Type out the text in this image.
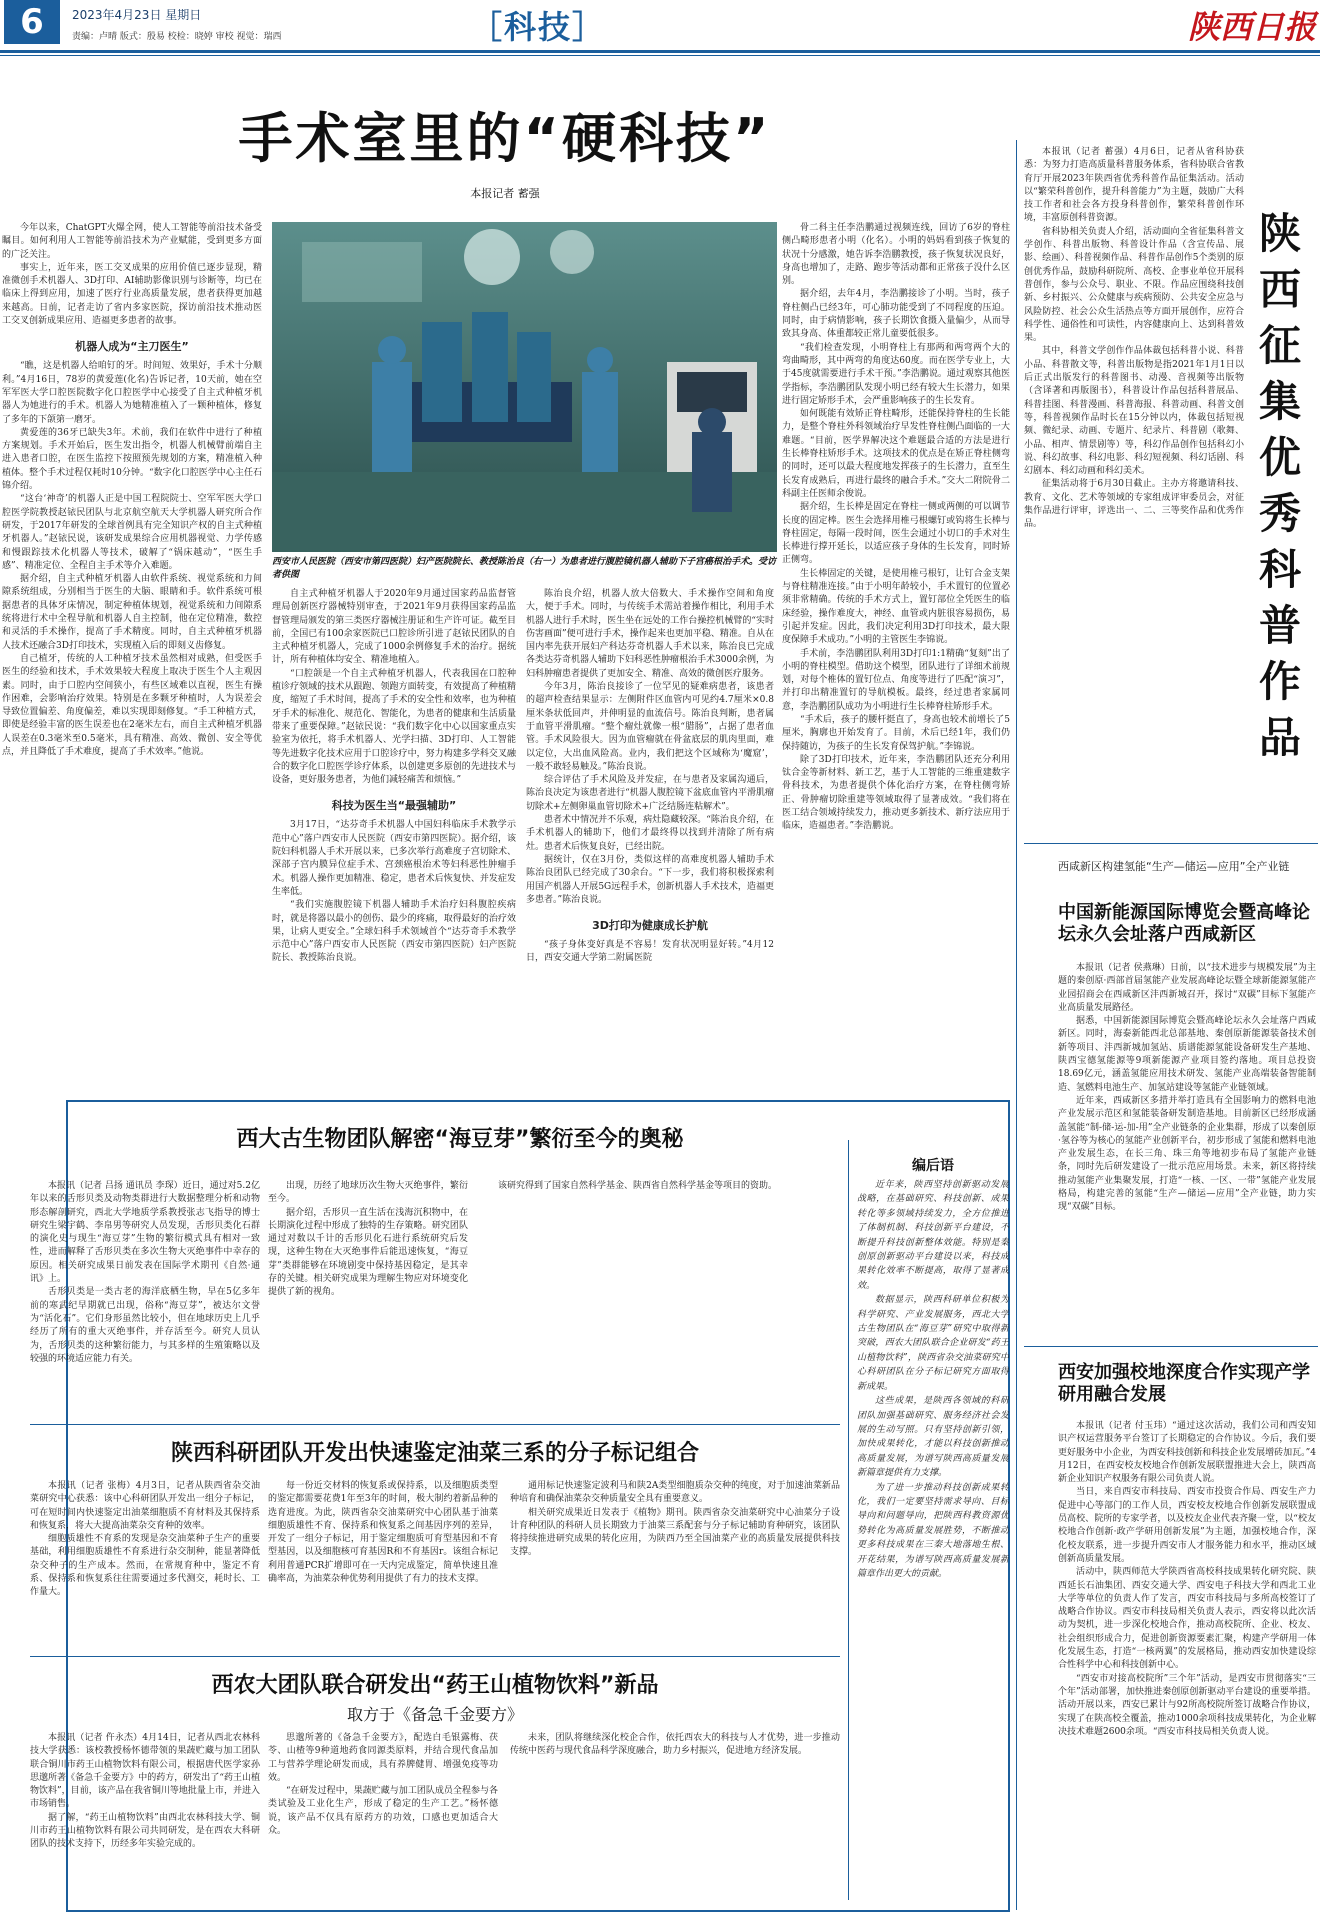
6	2023年4月23日 星期日
责编：卢晴 版式：殷易 校检：晓婷 审校 视觉：瑞西	［科技］	陕西日报
手术室里的“硬科技”
本报记者 蓄强

今年以来，ChatGPT火爆全网，使人工智能等前沿技术备受瞩目。如何利用人工智能等前沿技术为产业赋能，受到更多方面的广泛关注。

事实上，近年来，医工交叉成果的应用价值已逐步显现，精准微创手术机器人、3D打印、AI辅助影像识别与诊断等，均已在临床上得到应用，加速了医疗行业高质量发展，患者获得更加越来越高。日前，记者走访了省内多家医院，探访前沿技术推动医工交叉创新成果应用、造福更多患者的故事。

机器人成为“主刀医生”

“瞧，这是机器人给咱钉的牙。时间短、效果好，手术十分顺利。”4月16日，78岁的黄爱莲(化名)告诉记者，10天前，她在空军军医大学口腔医院数字化口腔医学中心接受了自主式种植牙机器人为她进行的手术。机器人为她精准植入了一颗种植体，修复了多年的下颌第一磨牙。

黄爱莲的36牙已缺失3年。术前，我们在软件中进行了种植方案规划。手术开始后，医生发出指令，机器人机械臂前端自主进入患者口腔，在医生监控下按照预先规划的方案，精准植入种植体。整个手术过程仅耗时10分钟。“数字化口腔医学中心主任石锦介绍。

“这台‘神奇’的机器人正是中国工程院院士、空军军医大学口腔医学院教授赵铱民团队与北京航空航天大学机器人研究所合作研发，于2017年研发的全球首例具有完全知识产权的自主式种植牙机器人。”赵铱民说，该研发成果综合应用机器视觉、力学传感和慢跟踪技术化机器人等技术，破解了“锅床越动”，“医生手感”、精准定位、全程自主手术等介入难题。

据介绍，自主式种植牙机器人由软件系统、视觉系统和力间隙系统组成，分别相当于医生的大脑、眼睛和手。软件系统可根据患者的具体牙床情况，制定种植体规划，视觉系统和力间隙系统将进行术中全程导航和机器人自主控制，他在定位精准，数控和灵活的手术操作，提高了手术精度。同时，自主式种植牙机器人技术还融合3D打印技术，实现植入后的即刻义齿修复。

自己植牙，传统的人工种植牙技术虽然相对成熟，但受医手医生的经验和技术，手术效果较大程度上取决于医生个人主观因素。同时，由于口腔内空间狭小，有些区域难以直视，医生有操作困难，会影响治疗效果。特别是在多颗牙种植时，人为误差会导致位置偏差、角度偏差，难以实现即刻修复。“手工种植方式，即使是经验丰富的医生误差也在2毫米左右，而自主式种植牙机器人误差在0.3毫米至0.5毫米，具有精准、高效、微创、安全等优点，并且降低了手术难度，提高了手术效率。”他说。

西安市人民医院（西安市第四医院）妇产医院院长、教授陈治良（右一）为患者进行腹腔镜机器人辅助下子宫癌根治手术。受访者供图

自主式种植牙机器人于2020年9月通过国家药品监督管理局创新医疗器械特别审查，于2021年9月获得国家药品监督管理局颁发的第三类医疗器械注册证和生产许可证。截至目前，全国已有100余家医院已口腔诊所引进了赵铱民团队的自主式种植牙机器人，完成了1000余例修复手术的治疗。据统计，所有种植体均安全、精准地植入。

“口腔颌是一个自主式种植牙机器人，代表我国在口腔种植诊疗领域的技术从跟跑、领跑方面转变，有效提高了种植精度，缩短了手术时间，提高了手术的安全性和效率，也为种植牙手术的标准化、规范化、智能化，为患者的健康和生活质量带来了重要保障。”赵铱民说：“我们数字化中心以国家重点实验室为依托，将手术机器人、光学扫描、3D打印、人工智能等先进数字化技术应用于口腔诊疗中，努力构建多学科交叉融合的数字化口腔医学诊疗体系，以创建更多原创的先进技术与设备，更好服务患者，为他们减轻痛苦和烦恼。”

科技为医生当“最强辅助”

3月17日，“达芬奇手术机器人中国妇科临床手术教学示范中心”落户西安市人民医院（西安市第四医院）。据介绍，该院妇科机器人手术开展以来，已多次举行高难度子宫切除术、深部子宫内膜异位症手术、宫颈癌根治术等妇科恶性肿瘤手术。机器人操作更加精准、稳定，患者术后恢复快、并发症发生率低。

“我们实施腹腔镜下机器人辅助手术治疗妇科腹腔疾病时，就是将器以最小的创伤、最少的疼痛，取得最好的治疗效果，让病人更安全。”全球妇科手术领域首个“达芬奇手术教学示范中心”落户西安市人民医院（西安市第四医院）妇产医院院长、教授陈治良说。

陈治良介绍，机器人放大倍数大、手术操作空间和角度大，便于手术。同时，与传统手术需站着操作相比，利用手术机器人进行手术时，医生坐在远处的工作台操控机械臂的“实时伤害画面”便可进行手术，操作起来也更加平稳、精准。自从在国内率先获开展妇产科达芬奇机器人手术以来，陈治良已完成各类达芬奇机器人辅助下妇科恶性肿瘤根治手术3000余例，为妇科肿瘤患者提供了更加安全、精准、高效的微创医疗服务。

今年3月，陈治良接诊了一位罕见的疑难病患者，该患者的超声检查结果显示：左侧附件区血管内可见约4.7厘米×0.8厘米条状低回声，并伸明显的血流信号。陈治良判断，患者属于血管平滑肌瘤。“整个瘤灶就像一根“腊肠”，占据了患者血管。手术风险很大。因为血管瘤就在骨盆底层的肌肉里面，难以定位，大出血风险高。业内，我们把这个区域称为‘魔窟’，一般不敢轻易触及。”陈治良说。

综合评估了手术风险及并发症，在与患者及家属沟通后，陈治良决定为该患者进行“机器人腹腔镜下盆底血管内平滑肌瘤切除术+左侧卵巢血管切除术+广泛结肠连粘解术”。

患者术中情况并不乐观，病灶隐藏较深。“陈治良介绍，在手术机器人的辅助下，他们才最终得以找到并清除了所有病灶。患者术后恢复良好，已经出院。

据统计，仅在3月份，类似这样的高难度机器人辅助手术陈治良团队已经完成了30余台。“下一步，我们将积极探索利用国产机器人开展5G远程手术，创新机器人手术技术，造福更多患者。”陈治良说。

3D打印为健康成长护航

“孩子身体变好真是不容易！发育状况明显好转。”4月12日，西安交通大学第二附属医院

骨二科主任李浩鹏通过视频连线，回访了6岁的脊柱侧凸畸形患者小明（化名）。小明的妈妈看到孩子恢复的状况十分感激，她告诉李浩鹏教授，孩子恢复状况良好，身高也增加了，走路、跑步等活动都和正常孩子没什么区别。

据介绍，去年4月，李浩鹏接诊了小明。当时，孩子脊柱侧凸已经3年，可心肺功能受到了不同程度的压迫。同时，由于病情影响，孩子长期饮食摄入量偏少，从而导致其身高、体重都较正常儿童要低很多。

“我们检查发现，小明脊柱上有那两和两弯两个大的弯曲畸形，其中两弯的角度达60度。而在医学专业上，大于45度就需要进行手术干预。”李浩鹏说。通过观察其他医学指标，李浩鹏团队发现小明已经有较大生长潜力，如果进行固定矫形手术，会严重影响孩子的生长发育。

如何既能有效矫正脊柱畸形，还能保持脊柱的生长能力，是整个脊柱外科领域治疗早发性脊柱侧凸面临的一大难题。“目前，医学界解决这个难题最合适的方法是进行生长棒脊柱矫形手术。这项技术的优点是在矫正脊柱侧弯的同时，还可以最大程度地发挥孩子的生长潜力，直至生长发育成熟后，再进行最终的融合手术。”交大二附院骨二科副主任医师余俊说。

据介绍，生长棒是固定在脊柱一侧或两侧的可以调节长度的固定棒。医生会选择用椎弓根螺钉或钩将生长棒与脊柱固定，每隔一段时间，医生会通过小切口的手术对生长棒进行撑开延长，以适应孩子身体的生长发育，同时矫正侧弯。

生长棒固定的关键，是使用椎弓根钉，让钉合金支架与脊柱精准连接。”由于小明年龄较小，手术置钉的位置必须非常精确。传统的手术方式上，置钉部位全凭医生的临床经验，操作难度大，神经、血管或内脏很容易损伤，易引起并发症。因此，我们决定利用3D打印技术，最大限度保障手术成功。”小明的主管医生李锦说。

手术前，李浩鹏团队利用3D打印1:1精确“复刻”出了小明的脊柱模型。借助这个模型，团队进行了详细术前规划，对每个椎体的置钉位点、角度等进行了匹配“演习”，并打印出精准置钉的导航模板。最终，经过患者家属同意，李浩鹏团队成功为小明进行生长棒脊柱矫形手术。

“手术后，孩子的腰杆挺直了，身高也较术前增长了5厘米，胸廓也开始发育了。目前，术后已经1年，我们仍保持随访，为孩子的生长发育保驾护航。”李锦说。

除了3D打印技术，近年来，李浩鹏团队还充分利用钛合金等新材料、新工艺，基于人工智能的三维重建数字骨科技术，为患者提供个体化治疗方案，在脊柱侧弯矫正、骨肿瘤切除重建等领域取得了显著成效。“我们将在医工结合领域持续发力，推动更多新技术、新疗法应用于临床，造福患者。”李浩鹏说。

陕西征集优秀科普作品

本报讯（记者 蓄强）4月6日，记者从省科协获悉：为努力打造高质量科普服务体系，省科协联合省教育厅开展2023年陕西省优秀科普作品征集活动。活动以“繁荣科普创作，提升科普能力”为主题，鼓励广大科技工作者和社会各方投身科普创作，繁荣科普创作环境，丰富原创科普资源。

省科协相关负责人介绍，活动面向全省征集科普文学创作、科普出版物、科普设计作品（含宣传品、展影、绘画）、科普视频作品、科普作品创作5个类别的原创优秀作品，鼓励科研院所、高校、企事业单位开展科普创作，参与公众号、职业、不限。作品应围绕科技创新、乡村振兴、公众健康与疾病预防、公共安全应急与风险防控、社会公众生活热点等方面开展创作，应符合科学性、通俗性和可读性，内容健康向上、达到科普效果。

其中，科普文学创作作品体裁包括科普小说、科普小品、科普散文等，科普出版物是指2021年1月1日以后正式出版发行的科普图书、动漫、音视频等出版物（含译著和再版图书），科普设计作品包括科普展品、科普挂图、科普漫画、科普海报、科普动画、科普文创等，科普视频作品时长在15分钟以内，体裁包括短视频、微纪录、动画、专题片、纪录片、科普剧（歌舞、小品、相声、情景剧等）等，科幻作品创作包括科幻小说、科幻故事、科幻电影、科幻短视频、科幻话剧、科幻剧本、科幻动画和科幻美术。

征集活动将于6月30日截止。主办方将邀请科技、教育、文化、艺术等领域的专家组成评审委员会，对征集作品进行评审，评选出一、二、三等奖作品和优秀作品。

西咸新区构建氢能“生产—储运—应用”全产业链
中国新能源国际博览会暨高峰论坛永久会址落户西咸新区

本报讯（记者 侯燕琳）日前，以“技术进步与规模发展”为主题的秦创原·西部首届氢能产业发展高峰论坛暨全球新能源氢能产业园招商会在西咸新区沣西新城召开，探讨“双碳”目标下氢能产业高质量发展路径。

据悉，中国新能源国际博览会暨高峰论坛永久会址落户西咸新区。同时，海泰新能西北总部基地、秦创原新能源装备技术创新等项目、沣西新城加氢站、质谱能源氢能设备研发生产基地、陕西宝德氢能源等9项新能源产业项目签约落地。项目总投资18.69亿元，涵盖氢能应用技术研发、氢能产业高端装备智能制造、氢燃料电池生产、加氢站建设等氢能产业链领域。

近年来，西咸新区多措并举打造具有全国影响力的燃料电池产业发展示范区和氢能装备研发制造基地。目前新区已经形成涵盖氢能“制-储-运-加-用”全产业链条的企业集群，形成了以秦创原·氢谷等为核心的氢能产业创新平台，初步形成了氢能和燃料电池产业发展生态，在长三角、珠三角等地初步布局了氢能产业链条，同时先后研发建设了一批示范应用场景。未来，新区将持续推动氢能产业集聚发展，打造“一核、一区、一带”氢能产业发展格局，构建完善的氢能“生产—储运—应用”全产业链，助力实现“双碳”目标。

西安加强校地深度合作实现产学研用融合发展

本报讯（记者 付玉玮）“通过这次活动，我们公司和西安知识产权运营服务平台签订了长期稳定的合作协议。今后，我们要更好服务中小企业，为西安科技创新和科技企业发展增砖加瓦。”4月12日，在西安校友校地合作创新发展联盟推进大会上，陕西高新企业知识产权服务有限公司负责人说。

当日，来自西安市科技局、西安市投资合作局、西安生产力促进中心等部门的工作人员，西安校友校地合作创新发展联盟成员高校、院所的专家学者，以及校友企业代表齐聚一堂，以“校友校地合作创新·政产学研用创新发展”为主题，加强校地合作，深化校友联系，进一步提升西安市人才服务能力和水平，推动区域创新高质量发展。

活动中，陕西师范大学陕西省高校科技成果转化研究院、陕西延长石油集团、西安交通大学、西安电子科技大学和西北工业大学等单位的负责人作了发言，西安市科技局与多所高校签订了战略合作协议。西安市科技局相关负责人表示，西安将以此次活动为契机，进一步深化校地合作，推动高校院所、企业、校友、社会组织形成合力，促进创新资源要素汇聚，构建产学研用一体化发展生态，打造“一核两翼”的发展格局，推动西安加快建设综合性科学中心和科技创新中心。

“西安市对接高校院所”三个年”活动，是西安市贯彻落实“三个年”活动部署，加快推进秦创原创新驱动平台建设的重要举措。活动开展以来，西安已累计与92所高校院所签订战略合作协议，实现了在陕高校全覆盖，推动1000余项科技成果转化，为企业解决技术难题2600余项。“西安市科技局相关负责人说。

西大古生物团队解密“海豆芽”繁衍至今的奥秘

本报讯（记者 吕扬 通讯员 李琛）近日，通过对5.2亿年以来的舌形贝类及动物类群进行大数据整理分析和动物形态解剖研究，西北大学地质学系教授张志飞指导的博士研究生梁宇鹤、李帛男等研究人员发现，舌形贝类化石群的演化史与现生“海豆芽”生物的繁衍模式具有相对一致性，进而解释了舌形贝类在多次生物大灭绝事件中幸存的原因。相关研究成果日前发表在国际学术期刊《自然·通讯》上。

舌形贝类是一类古老的海洋底栖生物，早在5亿多年前的寒武纪早期就已出现，俗称“海豆芽”，被达尔文誉为“活化石”。它们身形虽然比较小，但在地球历史上几乎经历了所有的重大灭绝事件，并存活至今。研究人员认为，舌形贝类的这种繁衍能力，与其多样的生殖策略以及较强的环境适应能力有关。

出现，历经了地球历次生物大灭绝事件，繁衍至今。

据介绍，舌形贝一直生活在浅海沉积物中，在长期演化过程中形成了独特的生存策略。研究团队通过对数以千计的舌形贝化石进行系统研究后发现，这种生物在大灭绝事件后能迅速恢复，“海豆芽”类群能够在环境剧变中保持基因稳定，是其幸存的关键。相关研究成果为理解生物应对环境变化提供了新的视角。

该研究得到了国家自然科学基金、陕西省自然科学基金等项目的资助。

陕西科研团队开发出快速鉴定油菜三系的分子标记组合

本报讯（记者 张梅）4月3日，记者从陕西省杂交油菜研究中心获悉：该中心科研团队开发出一组分子标记，可在短时间内快速鉴定出油菜细胞质不育材料及其保持系和恢复系，将大大提高油菜杂交育种的效率。

细胞质雄性不育系的发现是杂交油菜种子生产的重要基础，利用细胞质雄性不育系进行杂交制种，能显著降低杂交种子的生产成本。然而，在常规育种中，鉴定不育系、保持系和恢复系往往需要通过多代测交，耗时长、工作量大。

每一份近交材料的恢复系或保持系，以及细胞质类型的鉴定都需要花费1年至3年的时间，极大制约着新品种的选育进度。为此，陕西省杂交油菜研究中心团队基于油菜细胞质雄性不育、保持系和恢复系之间基因序列的差异，开发了一组分子标记，用于鉴定细胞质可育型基因和不育型基因，以及细胞核可育基因R和不育基因r。该组合标记利用普通PCR扩增即可在一天内完成鉴定，简单快速且准确率高，为油菜杂种优势利用提供了有力的技术支撑。

通用标记快速鉴定波利马和陕2A类型细胞质杂交种的纯度，对于加速油菜新品种培育和确保油菜杂交种质量安全具有重要意义。

相关研究成果近日发表于《植物》期刊。陕西省杂交油菜研究中心油菜分子设计育种团队的科研人员长期致力于油菜三系配套与分子标记辅助育种研究，该团队将持续推进研究成果的转化应用，为陕西乃至全国油菜产业的高质量发展提供科技支撑。

西农大团队联合研发出“药王山植物饮料”新品
取方于《备急千金要方》

本报讯（记者 仵永杰）4月14日，记者从西北农林科技大学获悉：该校教授杨怀德带领的果蔬贮藏与加工团队联合铜川市药王山植物饮料有限公司，根据唐代医学家孙思邈所著《备急千金要方》中的药方，研发出了“药王山植物饮料”，目前，该产品在我省铜川等地批量上市，并进入市场销售。

据了解，“药王山植物饮料”由西北农林科技大学、铜川市药王山植物饮料有限公司共同研发，是在西农大科研团队的技术支持下，历经多年实验完成的。

思邈所著的《备急千金要方》，配选白毛银露梅、茯苓、山楂等9种道地药食同源类原料，并结合现代食品加工与营养学理论研发而成，具有养脾健胃、增强免疫等功效。

“在研发过程中，果蔬贮藏与加工团队成员全程参与各类试验及工业化生产，形成了稳定的生产工艺。”杨怀德说，该产品不仅具有原药方的功效，口感也更加适合大众。

未来，团队将继续深化校企合作，依托西农大的科技与人才优势，进一步推动传统中医药与现代食品科学深度融合，助力乡村振兴，促进地方经济发展。

编后语

近年来，陕西坚持创新驱动发展战略，在基础研究、科技创新、成果转化等多领域持续发力，全方位推进了体制机制、科技创新平台建设，不断提升科技创新整体效能。特别是秦创原创新驱动平台建设以来，科技成果转化效率不断提高，取得了显著成效。

数据显示，陕西科研单位积极为科学研究、产业发展服务，西北大学古生物团队在“海豆芽”研究中取得新突破，西农大团队联合企业研发“药王山植物饮料”，陕西省杂交油菜研究中心科研团队在分子标记研究方面取得新成果。

这些成果，是陕西各领域的科研团队加强基础研究、服务经济社会发展的生动写照。只有坚持创新引领，加快成果转化，才能以科技创新推动高质量发展，为谱写陕西高质量发展新篇章提供有力支撑。

为了进一步推动科技创新成果转化，我们一定要坚持需求导向、目标导向和问题导向，把陕西科教资源优势转化为高质量发展胜势，不断推动更多科技成果在三秦大地落地生根、开花结果，为谱写陕西高质量发展新篇章作出更大的贡献。
